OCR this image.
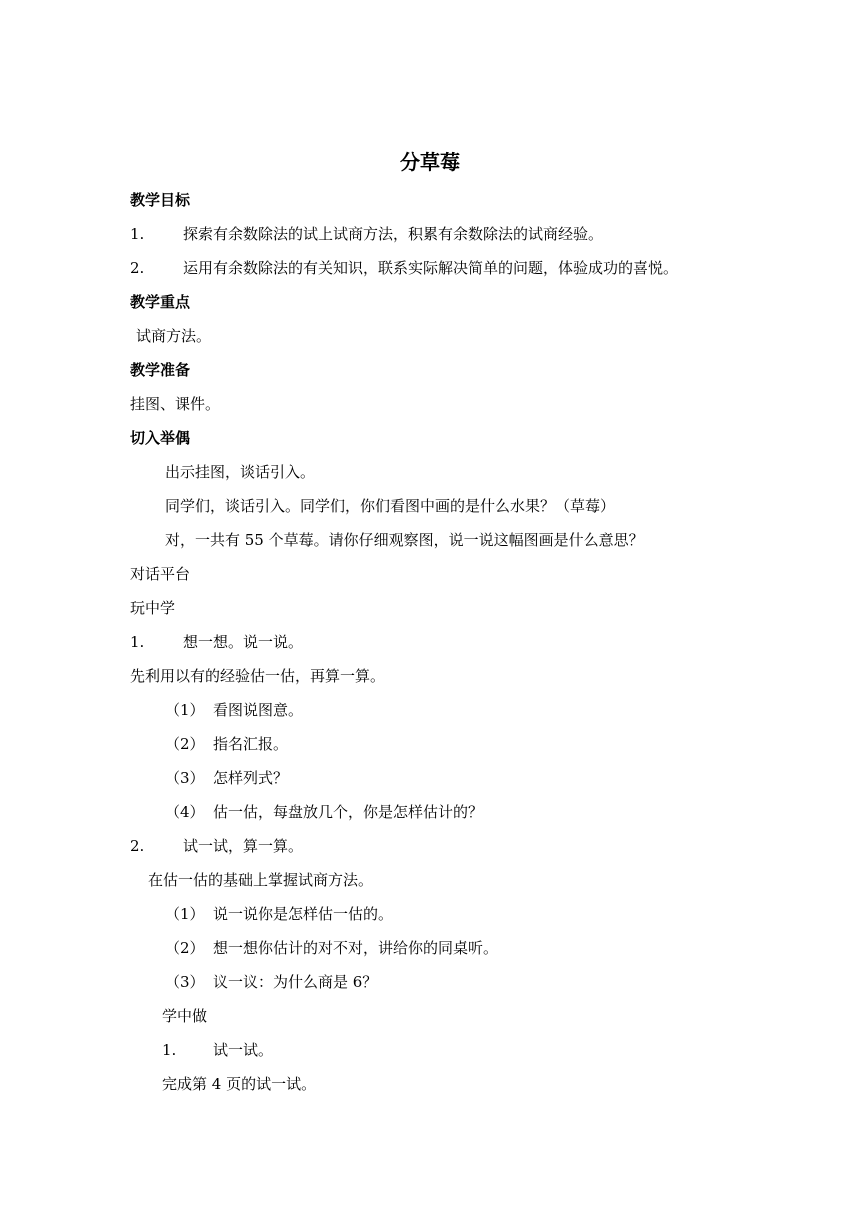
分草莓
教学目标
1.	探索有余数除法的试上试商方法，积累有余数除法的试商经验。
2.	运用有余数除法的有关知识，联系实际解决简单的问题，体验成功的喜悦。
教学重点
试商方法。
教学准备
挂图、课件。
切入举偶
出示挂图，谈话引入。
同学们，谈话引入。同学们，你们看图中画的是什么水果？（草莓）
对，一共有 55 个草莓。请你仔细观察图，说一说这幅图画是什么意思？
对话平台
玩中学
1.	想一想。说一说。
先利用以有的经验估一估，再算一算。
（1） 看图说图意。
（2） 指名汇报。
（3） 怎样列式？
（4） 估一估，每盘放几个，你是怎样估计的？
2.	试一试，算一算。
在估一估的基础上掌握试商方法。
（1） 说一说你是怎样估一估的。
（2） 想一想你估计的对不对，讲给你的同桌听。
（3） 议一议：为什么商是 6？
学中做
1. 试一试。
完成第 4 页的试一试。
